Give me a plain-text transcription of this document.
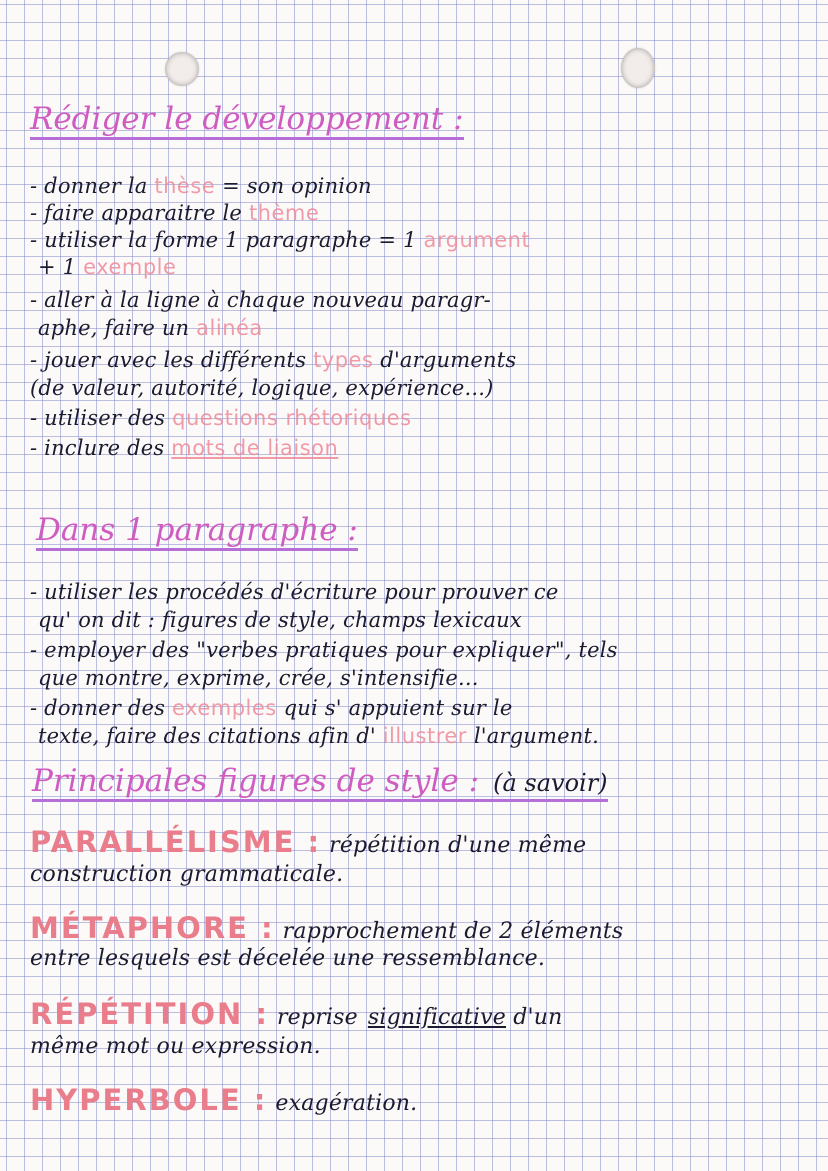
Rédiger le développement :
- donner la thèse = son opinion
- faire apparaitre le thème
- utiliser la forme 1 paragraphe = 1 argument
+ 1 exemple
- aller à la ligne à chaque nouveau paragr-
aphe, faire un alinéa
- jouer avec les différents types d'arguments
(de valeur, autorité, logique, expérience...)
- utiliser des questions rhétoriques
- inclure des mots de liaison
Dans 1 paragraphe :
- utiliser les procédés d'écriture pour prouver ce
qu' on dit : figures de style, champs lexicaux
- employer des "verbes pratiques pour expliquer", tels
que montre, exprime, crée, s'intensifie...
- donner des exemples qui s' appuient sur le
texte, faire des citations afin d' illustrer l'argument.
Principales figures de style : (à savoir)
PARALLÉLISME : répétition d'une même
construction grammaticale.
MÉTAPHORE : rapprochement de 2 éléments
entre lesquels est décelée une ressemblance.
RÉPÉTITION : reprise significative d'un
même mot ou expression.
HYPERBOLE : exagération.
